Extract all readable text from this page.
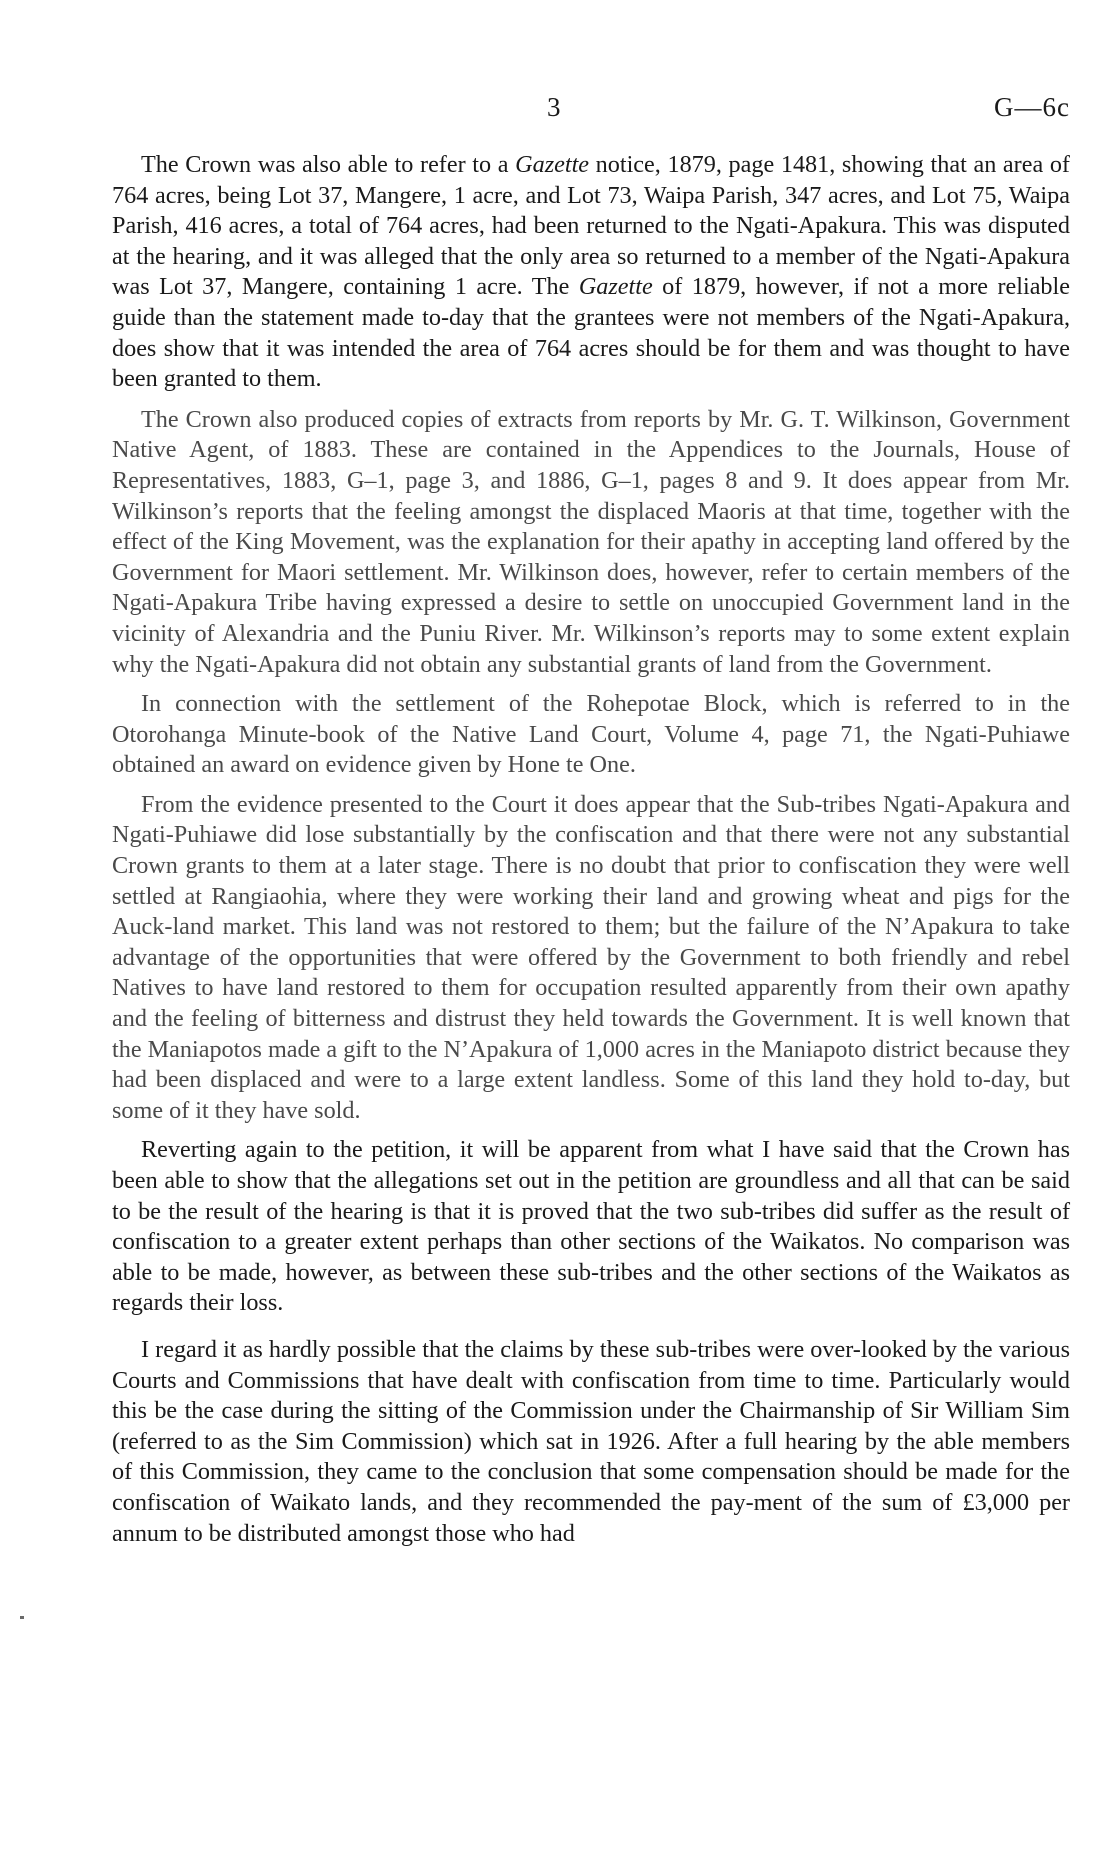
3	G—6c

The Crown was also able to refer to a Gazette notice, 1879, page 1481, showing that an area of 764 acres, being Lot 37, Mangere, 1 acre, and Lot 73, Waipa Parish, 347 acres, and Lot 75, Waipa Parish, 416 acres, a total of 764 acres, had been returned to the Ngati-Apakura. This was disputed at the hearing, and it was alleged that the only area so returned to a member of the Ngati-Apakura was Lot 37, Mangere, containing 1 acre. The Gazette of 1879, however, if not a more reliable guide than the statement made to-day that the grantees were not members of the Ngati-Apakura, does show that it was intended the area of 764 acres should be for them and was thought to have been granted to them.

The Crown also produced copies of extracts from reports by Mr. G. T. Wilkinson, Government Native Agent, of 1883. These are contained in the Appendices to the Journals, House of Representatives, 1883, G–1, page 3, and 1886, G–1, pages 8 and 9. It does appear from Mr. Wilkinson’s reports that the feeling amongst the displaced Maoris at that time, together with the effect of the King Movement, was the explanation for their apathy in accepting land offered by the Government for Maori settlement. Mr. Wilkinson does, however, refer to certain members of the Ngati-Apakura Tribe having expressed a desire to settle on unoccupied Government land in the vicinity of Alexandria and the Puniu River. Mr. Wilkinson’s reports may to some extent explain why the Ngati-Apakura did not obtain any substantial grants of land from the Government.

In connection with the settlement of the Rohepotae Block, which is referred to in the Otorohanga Minute-book of the Native Land Court, Volume 4, page 71, the Ngati-Puhiawe obtained an award on evidence given by Hone te One.

From the evidence presented to the Court it does appear that the Sub-tribes Ngati-Apakura and Ngati-Puhiawe did lose substantially by the confiscation and that there were not any substantial Crown grants to them at a later stage. There is no doubt that prior to confiscation they were well settled at Rangiaohia, where they were working their land and growing wheat and pigs for the Auck-land market. This land was not restored to them; but the failure of the N’Apakura to take advantage of the opportunities that were offered by the Government to both friendly and rebel Natives to have land restored to them for occupation resulted apparently from their own apathy and the feeling of bitterness and distrust they held towards the Government. It is well known that the Maniapotos made a gift to the N’Apakura of 1,000 acres in the Maniapoto district because they had been displaced and were to a large extent landless. Some of this land they hold to-day, but some of it they have sold.

Reverting again to the petition, it will be apparent from what I have said that the Crown has been able to show that the allegations set out in the petition are groundless and all that can be said to be the result of the hearing is that it is proved that the two sub-tribes did suffer as the result of confiscation to a greater extent perhaps than other sections of the Waikatos. No comparison was able to be made, however, as between these sub-tribes and the other sections of the Waikatos as regards their loss.

I regard it as hardly possible that the claims by these sub-tribes were over-looked by the various Courts and Commissions that have dealt with confiscation from time to time. Particularly would this be the case during the sitting of the Commission under the Chairmanship of Sir William Sim (referred to as the Sim Commission) which sat in 1926. After a full hearing by the able members of this Commission, they came to the conclusion that some compensation should be made for the confiscation of Waikato lands, and they recommended the pay-ment of the sum of £3,000 per annum to be distributed amongst those who had
